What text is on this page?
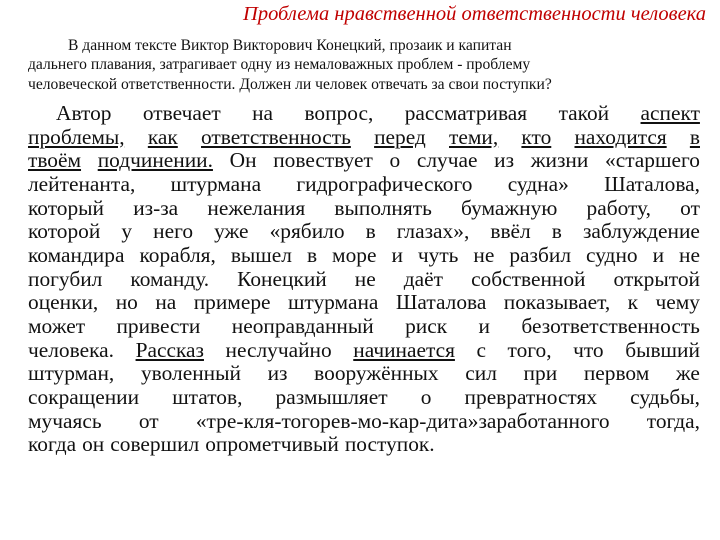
Проблема нравственной ответственности человека
В данном тексте Виктор Викторович Конецкий, прозаик и капитан
дальнего плавания, затрагивает одну из немаловажных проблем - проблему
человеческой ответственности. Должен ли человек отвечать за свои поступки?
Автор отвечает на вопрос, рассматривая такой аспект
проблемы, как ответственность перед теми, кто находится в
твоём подчинении. Он повествует о случае из жизни «старшего
лейтенанта, штурмана гидрографического судна» Шаталова,
который из-за нежелания выполнять бумажную работу, от
которой у него уже «рябило в глазах», ввёл в заблуждение
командира корабля, вышел в море и чуть не разбил судно и не
погубил команду. Конецкий не даёт собственной открытой
оценки, но на примере штурмана Шаталова показывает, к чему
может привести неоправданный риск и безответственность
человека. Рассказ неслучайно начинается с того, что бывший
штурман, уволенный из вооружённых сил при первом же
сокращении штатов, размышляет о превратностях судьбы,
мучаясь от «тре-кля-тогорев-мо-кар-дита»заработанного тогда,
когда он совершил опрометчивый поступок.
